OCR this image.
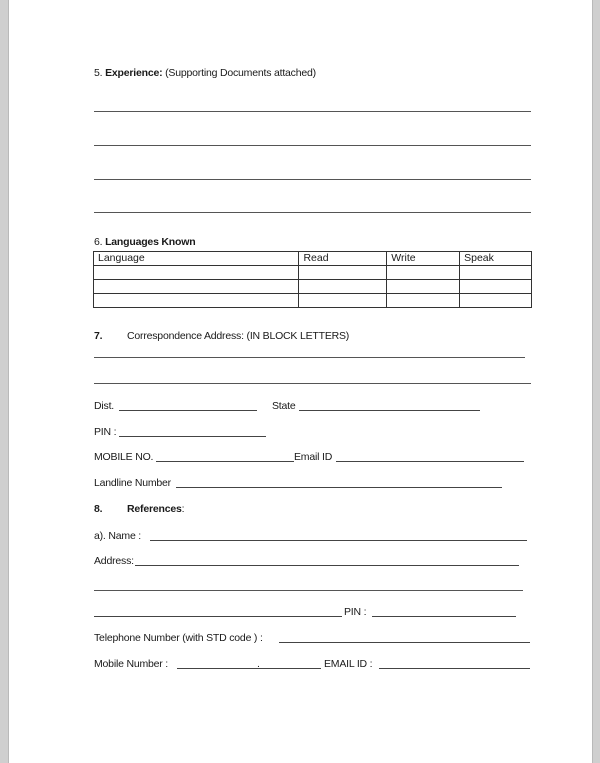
5. Experience: (Supporting Documents attached)
6. Languages Known
Language	Read	Write	Speak

7. Correspondence Address: (IN BLOCK LETTERS)
Dist.	State
PIN :
MOBILE NO.	Email ID
Landline Number
8. References:
a). Name :
Address:
PIN :
Telephone Number (with STD code ) :
Mobile Number :	.	EMAIL ID :
